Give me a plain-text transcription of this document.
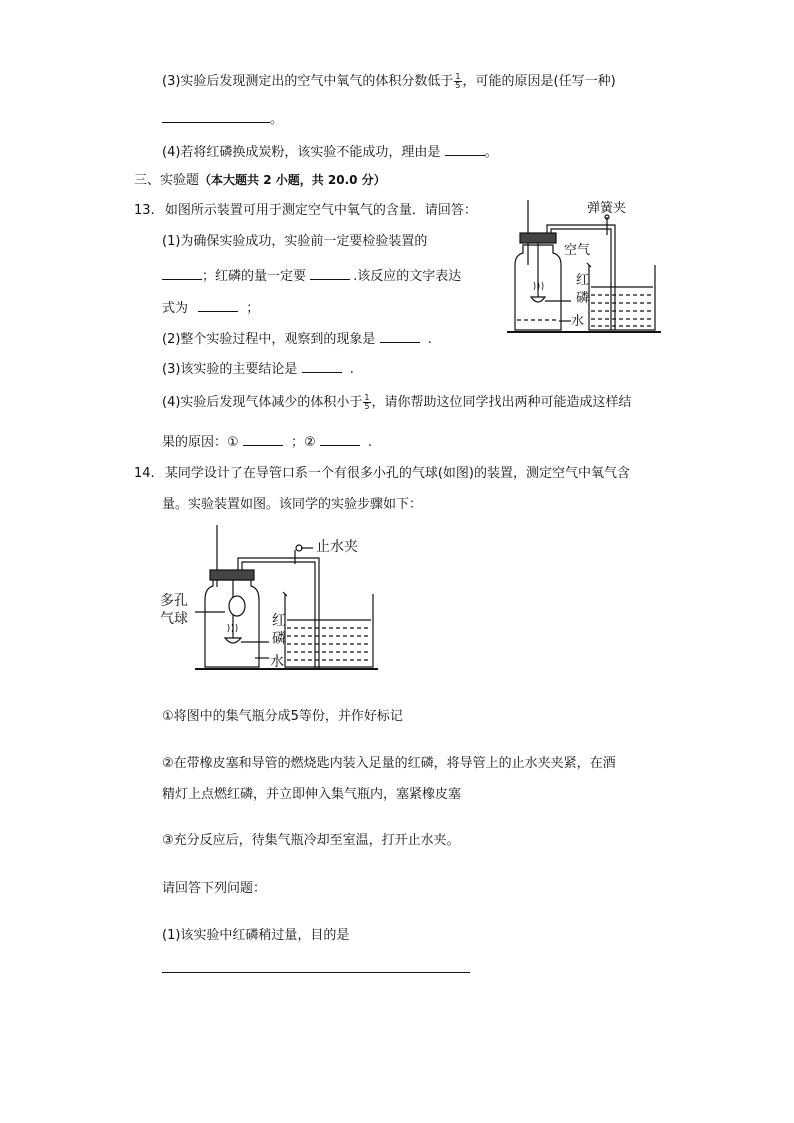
(3)实验后发现测定出的空气中氧气的体积分数低于 $\frac{1}{5}$ ，可能的原因是(任写一种)
。
(4)若将红磷换成炭粉，该实验不能成功，理由是	。
三、实验题（本大题共 2 小题，共 20.0 分）
13. 如图所示装置可用于测定空气中氧气的含量．请回答：
(1)为确保实验成功，实验前一定要检验装置的
；红磷的量一定要	.该反应的文字表达
式为	；
(2)整个实验过程中，观察到的现象是	.
(3)该实验的主要结论是	.
(4)实验后发现气体减少的体积小于 $\frac{1}{5}$ ，请你帮助这位同学找出两种可能造成这样结
果的原因：①	；②	.
弹簧夹
空气
红
磷
水
14. 某同学设计了在导管口系一个有很多小孔的气球(如图)的装置，测定空气中氧气含
量。实验装置如图。该同学的实验步骤如下：
止水夹
多孔
气球	红
磷
水
①将图中的集气瓶分成5等份，并作好标记
②在带橡皮塞和导管的燃烧匙内装入足量的红磷，将导管上的止水夹夹紧，在酒
精灯上点燃红磷，并立即伸入集气瓶内，塞紧橡皮塞
③充分反应后，待集气瓶冷却至室温，打开止水夹。
请回答下列问题：
(1)该实验中红磷稍过量，目的是
